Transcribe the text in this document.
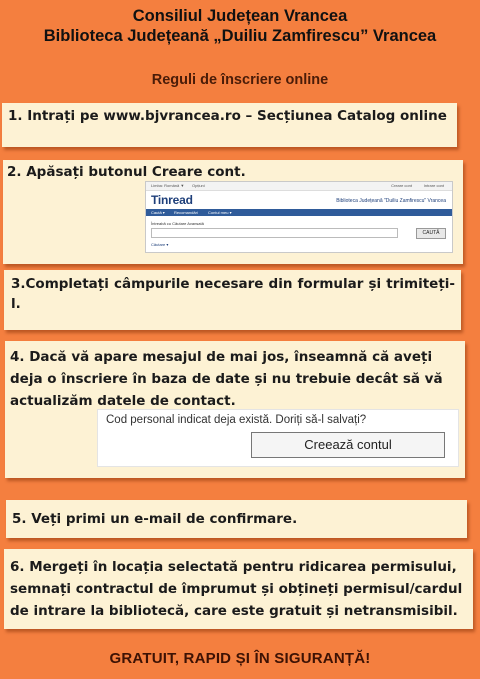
Consiliul Județean Vrancea
Biblioteca Județeană „Duiliu Zamfirescu” Vrancea
Reguli de înscriere online
1. Intrați pe www.bjvrancea.ro – Secțiunea Catalog online
2. Apăsați butonul Creare cont.
Limba: Română ▼ Opțiuni	Creare cont	Intrare cont
Tinread	Biblioteca Județeană "Duiliu Zamfirescu" Vrancea
Caută ▾ Recomandări	Contul meu ▾
Întreabă cu Căutare Avansată
CAUTĂ
Căutare ▾
3.Completați câmpurile necesare din formular și trimiteți-l.
4. Dacă vă apare mesajul de mai jos, înseamnă că aveți deja o înscriere în baza de date și nu trebuie decât să vă actualizăm datele de contact.
Cod personal indicat deja există. Doriți să-l salvați?
Creează contul
5. Veți primi un e-mail de confirmare.
6. Mergeți în locația selectată pentru ridicarea permisului, semnați contractul de împrumut și obțineți permisul/cardul de intrare la bibliotecă, care este gratuit și netransmisibil.
GRATUIT, RAPID ȘI ÎN SIGURANȚĂ!
